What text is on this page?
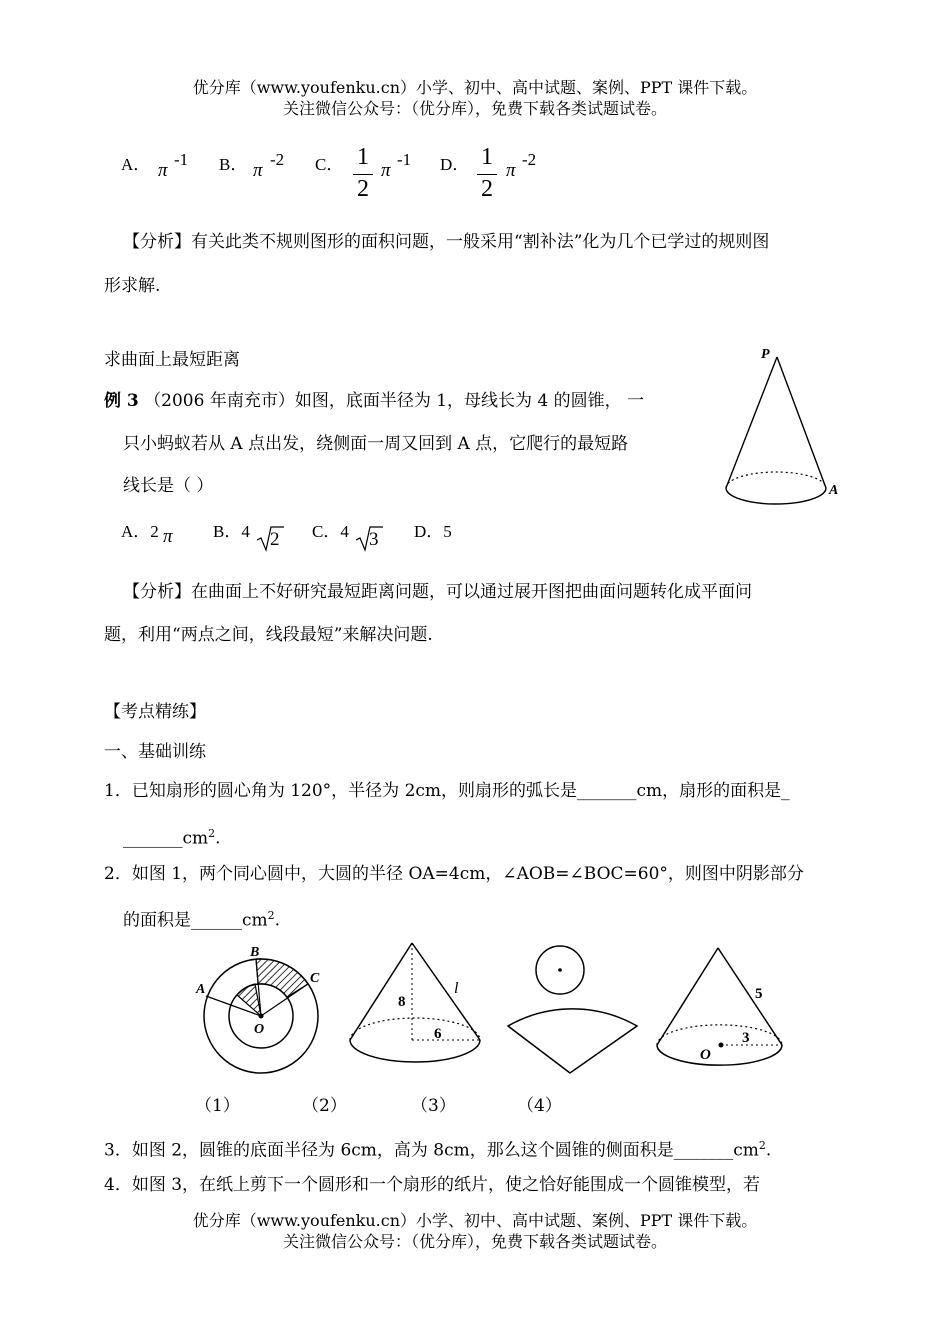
优分库（www.youfenku.cn）小学、初中、高中试题、案例、PPT 课件下载。
关注微信公众号：（优分库），免费下载各类试题试卷。
A． π
-1 B． π
-2 C． 1
2
π
-1 D． 1
2
π
-2
【分析】有关此类不规则图形的面积问题，一般采用“割补法”化为几个已学过的规则图
形求解.
求曲面上最短距离
例 3 （2006 年南充市）如图，底面半径为 1，母线长为 4 的圆锥， 一
只小蚂蚁若从 A 点出发，绕侧面一周又回到 A 点，它爬行的最短路
线长是（ ）
A．2 π B．4 2 C．4 3 D．5
P
A
【分析】在曲面上不好研究最短距离问题，可以通过展开图把曲面问题转化成平面问
题，利用“两点之间，线段最短”来解决问题.
【考点精练】
一、基础训练
1．已知扇形的圆心角为 120°，半径为 2cm，则扇形的弧长是_______cm，扇形的面积是_
$\_\_\_\_\_\_\_cm^2$.
2．如图 1，两个同心圆中，大圆的半径 OA=4cm，∠AOB=∠BOC=60°，则图中阴影部分
的面积是$\_\_\_\_\_\_cm^2$.
A
B
C
O
8
l
6
O
5
3
（1）	（2）	（3）	（4）
3．如图 2，圆锥的底面半径为 6cm，高为 8cm，那么这个圆锥的侧面积是$\_\_\_\_\_\_\_cm^2$.
4．如图 3，在纸上剪下一个圆形和一个扇形的纸片，使之恰好能围成一个圆锥模型，若
优分库（www.youfenku.cn）小学、初中、高中试题、案例、PPT 课件下载。
关注微信公众号：（优分库），免费下载各类试题试卷。
